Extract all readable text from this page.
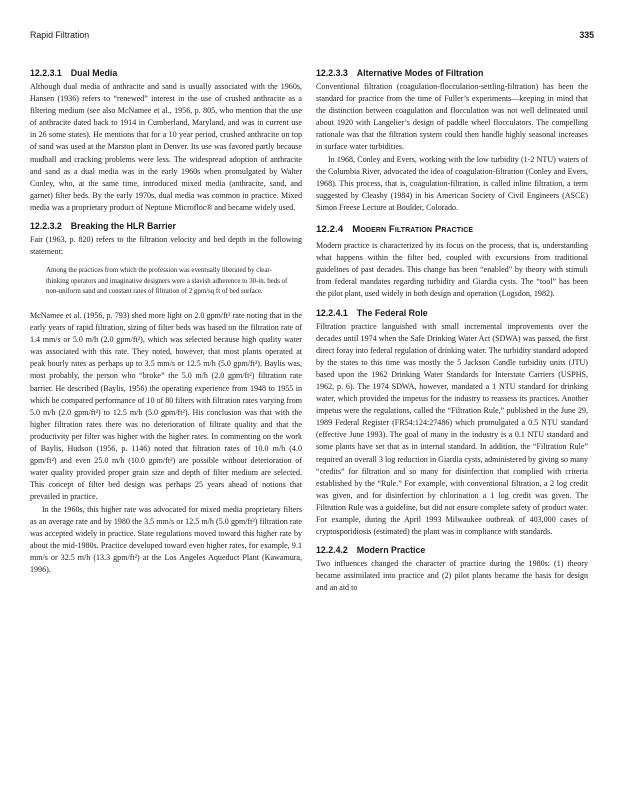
Rapid Filtration	335
12.2.3.1 Dual Media

Although dual media of anthracite and sand is usually associated with the 1960s, Hansen (1936) refers to “renewed” interest in the use of crushed anthracite as a filtering medium (see also McNamee et al., 1956, p. 805, who mention that the use of anthracite dated back to 1914 in Cumberland, Maryland, and was in current use in 26 some states). He mentions that for a 10 year period, crushed anthracite on top of sand was used at the Marston plant in Denver. Its use was favored partly because mudball and cracking problems were less. The widespread adoption of anthracite and sand as a dual media was in the early 1960s when promulgated by Walter Conley, who, at the same time, introduced mixed media (anthracite, sand, and garnet) filter beds. By the early 1970s, dual media was common in practice. Mixed media was a proprietary product of Neptune Microfloc® and became widely used.

12.2.3.2 Breaking the HLR Barrier

Fair (1963, p. 820) refers to the filtration velocity and bed depth in the following statement:

Among the practices from which the profession was eventually liberated by clear-thinking operators and imaginative designers were a slavish adherence to 30-in. beds of non-uniform sand and constant rates of filtration of 2 gpm/sq ft of bed surface.

McNamee et al. (1956, p. 793) shed more light on 2.0 gpm/ft² rate noting that in the early years of rapid filtration, sizing of filter beds was based on the filtration rate of 1.4 mm/s or 5.0 m/h (2.0 gpm/ft²), which was selected because high quality water was associated with this rate. They noted, however, that most plants operated at peak hourly rates as perhaps up to 3.5 mm/s or 12.5 m/h (5.0 gpm/ft²). Baylis was, most probably, the person who “broke” the 5.0 m/h (2.0 gpm/ft²) filtration rate barrier. He described (Baylis, 1956) the operating experience from 1948 to 1955 in which he compared performance of 10 of 80 filters with filtration rates varying from 5.0 m/h (2.0 gpm/ft²) to 12.5 m/h (5.0 gpm/ft²). His conclusion was that with the higher filtration rates there was no deterioration of filtrate quality and that the productivity per filter was higher with the higher rates. In commenting on the work of Baylis, Hudson (1956, p. 1146) noted that filtration rates of 10.0 m/h (4.0 gpm/ft²) and even 25.0 m/h (10.0 gpm/ft²) are possible without deterioration of water quality provided proper grain size and depth of filter medium are selected. This concept of filter bed design was perhaps 25 years ahead of notions that prevailed in practice.

In the 1960s, this higher rate was advocated for mixed media proprietary filters as an average rate and by 1980 the 3.5 mm/s or 12.5 m/h (5.0 gpm/ft²) filtration rate was accepted widely in practice. State regulations moved toward this higher rate by about the mid-1980s. Practice developed toward even higher rates, for example, 9.1 mm/s or 32.5 m/h (13.3 gpm/ft²) at the Los Angeles Aqueduct Plant (Kawamura, 1996).

12.2.3.3 Alternative Modes of Filtration

Conventional filtration (coagulation-flocculation-settling-filtration) has been the standard for practice from the time of Fuller’s experiments—keeping in mind that the distinction between coagulation and flocculation was not well delineated until about 1920 with Langelier’s design of paddle wheel flocculators. The compelling rationale was that the filtration system could then handle highly seasonal increases in surface water turbidities.

In 1968, Conley and Evers, working with the low turbidity (1-2 NTU) waters of the Columbia River, advocated the idea of coagulation-filtration (Conley and Evers, 1968). This process, that is, coagulation-filtration, is called inline filtration, a term suggested by Cleasby (1984) in his American Society of Civil Engineers (ASCE) Simon Freese Lecture at Boulder, Colorado.

12.2.4 Modern Filtration Practice

Modern practice is characterized by its focus on the process, that is, understanding what happens within the filter bed, coupled with excursions from traditional guidelines of past decades. This change has been “enabled” by theory with stimuli from federal mandates regarding turbidity and Giardia cysts. The “tool” has been the pilot plant, used widely in both design and operation (Logsdon, 1982).

12.2.4.1 The Federal Role

Filtration practice languished with small incremental improvements over the decades until 1974 when the Safe Drinking Water Act (SDWA) was passed, the first direct foray into federal regulation of drinking water. The turbidity standard adopted by the states to this time was mostly the 5 Jackson Candle turbidity units (JTU) based upon the 1962 Drinking Water Standards for Interstate Carriers (USPHS, 1962, p. 6). The 1974 SDWA, however, mandated a 1 NTU standard for drinking water, which provided the impetus for the industry to reassess its practices. Another impetus were the regulations, called the “Filtration Rule,” published in the June 29, 1989 Federal Register (FR54:124:27486) which promulgated a 0.5 NTU standard (effective June 1993). The goal of many in the industry is a 0.1 NTU standard and some plants have set that as in internal standard. In addition, the “Filtration Rule” required an overall 3 log reduction in Giardia cysts, administered by giving so many “credits” for filtration and so many for disinfection that complied with criteria established by the “Rule.” For example, with conventional filtration, a 2 log credit was given, and for disinfection by chlorination a 1 log credit was given. The Filtration Rule was a guideline, but did not ensure complete safety of product water. For example, during the April 1993 Milwaukee outbreak of 403,000 cases of cryptosporidiosis (estimated) the plant was in compliance with standards.

12.2.4.2 Modern Practice

Two influences changed the character of practice during the 1980s: (1) theory became assimilated into practice and (2) pilot plants became the basis for design and an aid to
